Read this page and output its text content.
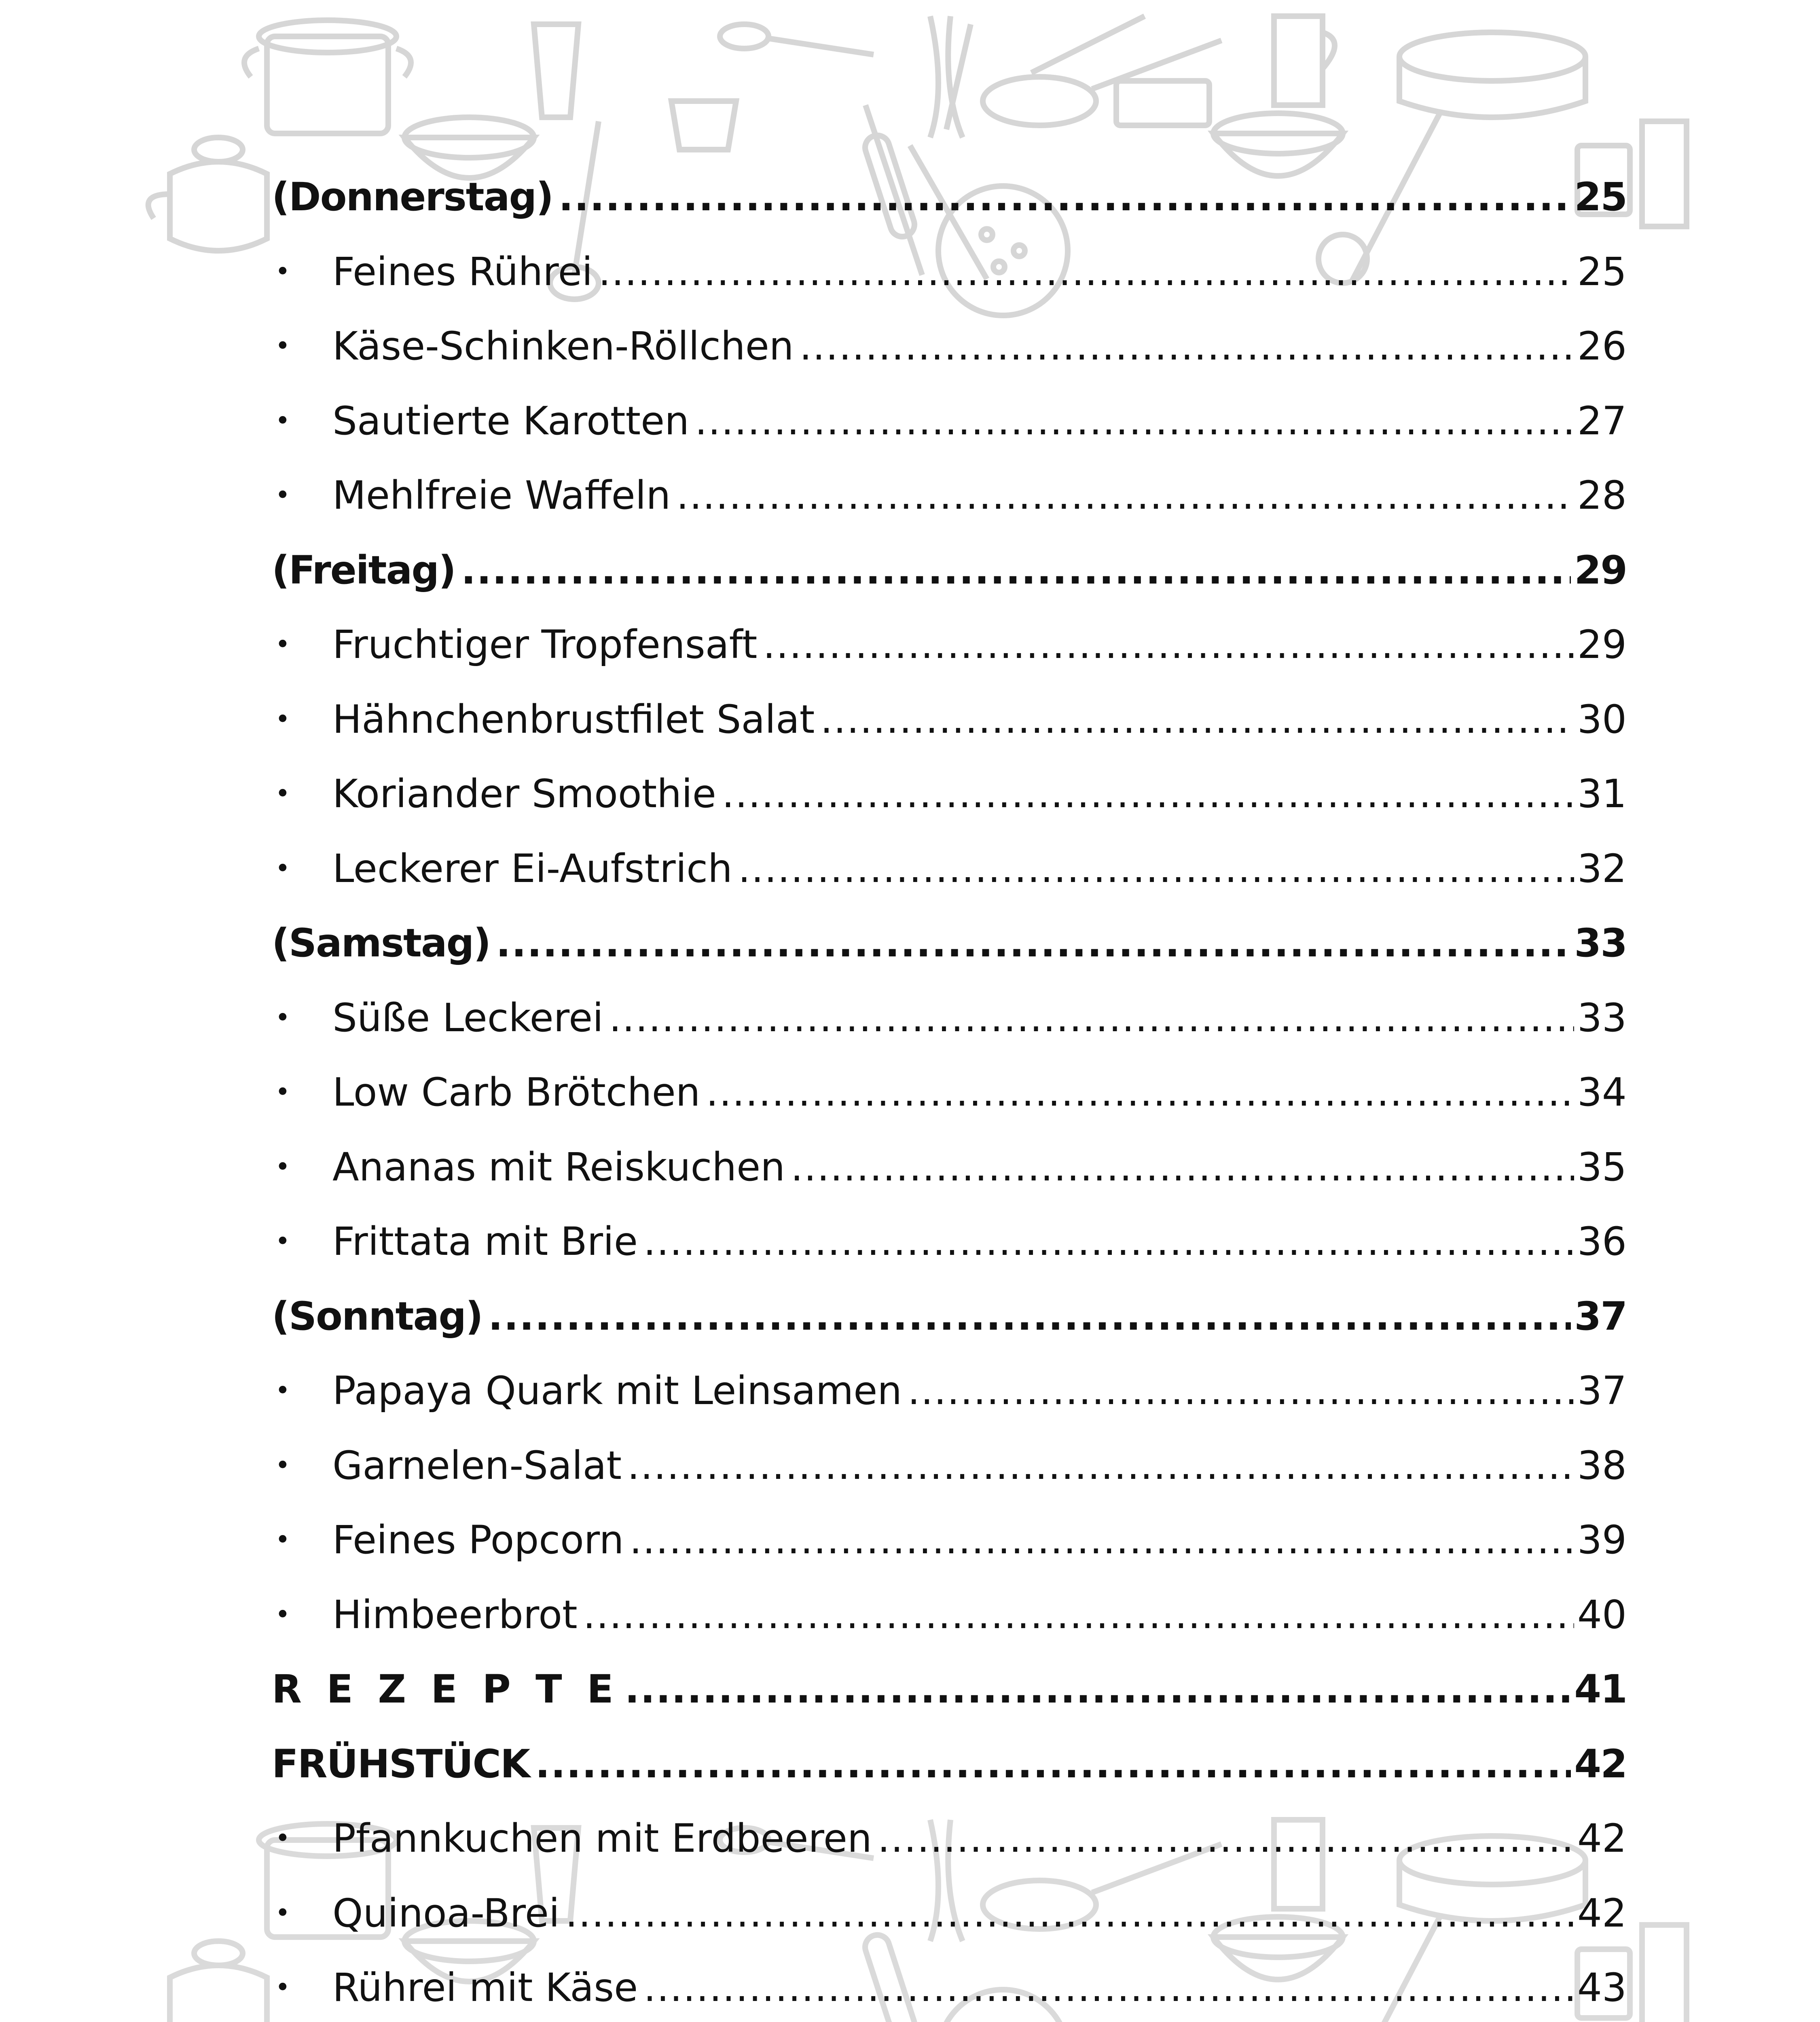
(Donnerstag) .....	25
•	Feines Rührei .....	25
•	Käse-Schinken-Röllchen .....	26
•	Sautierte Karotten .....	27
•	Mehlfreie Waffeln .....	28
(Freitag) .....	29
•	Fruchtiger Tropfensaft .....	29
•	Hähnchenbrustfilet Salat .....	30
•	Koriander Smoothie .....	31
•	Leckerer Ei-Aufstrich .....	32
(Samstag) .....	33
•	Süße Leckerei .....	33
•	Low Carb Brötchen .....	34
•	Ananas mit Reiskuchen .....	35
•	Frittata mit Brie .....	36
(Sonntag) .....	37
•	Papaya Quark mit Leinsamen .....	37
•	Garnelen-Salat .....	38
•	Feines Popcorn .....	39
•	Himbeerbrot .....	40
R E Z E P T E .....	41
FRÜHSTÜCK .....	42
•	Pfannkuchen mit Erdbeeren .....	42
•	Quinoa-Brei .....	42
•	Rührei mit Käse .....	43
